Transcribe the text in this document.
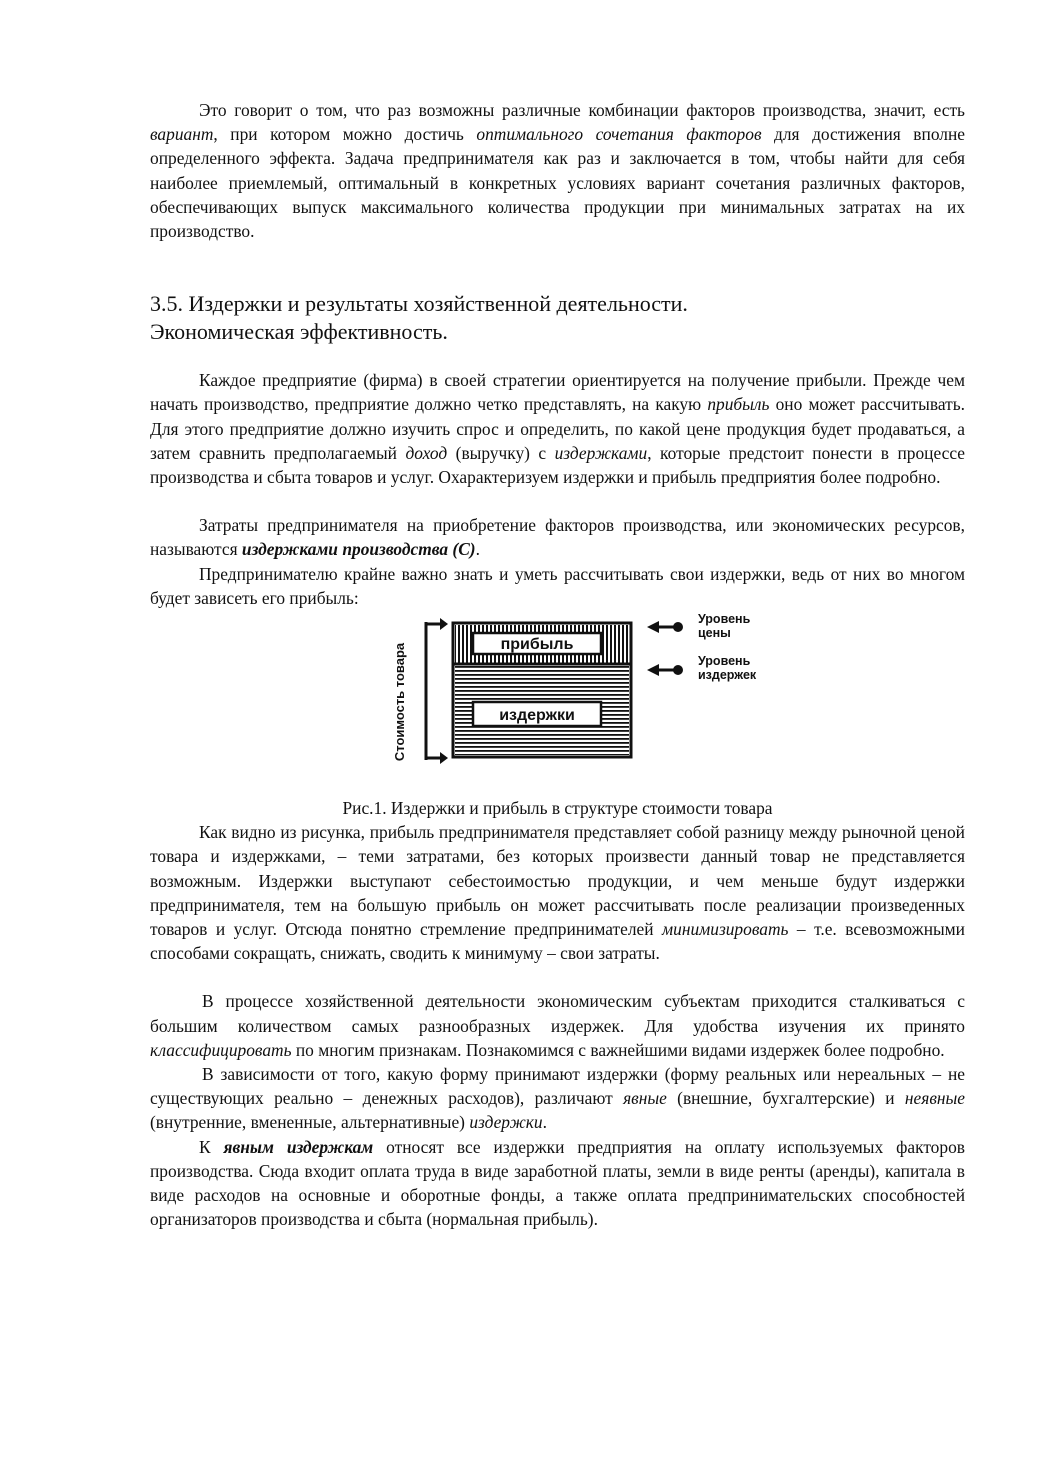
Это говорит о том, что раз возможны различные комбинации факторов производства, значит, есть вариант, при котором можно достичь оптимального сочетания факторов для достижения вполне определенного эффекта. Задача предпринимателя как раз и заключается в том, чтобы найти для себя наиболее приемлемый, оптимальный в конкретных условиях вариант сочетания различных факторов, обеспечивающих выпуск максимального количества продукции при минимальных затратах на их производство.

3.5. Издержки и результаты хозяйственной деятельности.
Экономическая эффективность.

Каждое предприятие (фирма) в своей стратегии ориентируется на получение прибыли. Прежде чем начать производство, предприятие должно четко представлять, на какую прибыль оно может рассчитывать. Для этого предприятие должно изучить спрос и определить, по какой цене продукция будет продаваться, а затем сравнить предполагаемый доход (выручку) с издержками, которые предстоит понести в процессе производства и сбыта товаров и услуг. Охарактеризуем издержки и прибыль предприятия более подробно.

Затраты предпринимателя на приобретение факторов производства, или экономических ресурсов, называются издержками производства (С).

Предпринимателю крайне важно знать и уметь рассчитывать свои издержки, ведь от них во многом будет зависеть его прибыль:

Стоимость товара	прибыль
издержки
Уровень
цены
Уровень
издержек

Рис.1. Издержки и прибыль в структуре стоимости товара

Как видно из рисунка, прибыль предпринимателя представляет собой разницу между рыночной ценой товара и издержками, – теми затратами, без которых произвести данный товар не представляется возможным. Издержки выступают себестоимостью продукции, и чем меньше будут издержки предпринимателя, тем на большую прибыль он может рассчитывать после реализации произведенных товаров и услуг. Отсюда понятно стремление предпринимателей минимизировать – т.е. всевозможными способами сокращать, снижать, сводить к минимуму – свои затраты.

В процессе хозяйственной деятельности экономическим субъектам приходится сталкиваться с большим количеством самых разнообразных издержек. Для удобства изучения их принято классифицировать по многим признакам. Познакомимся с важнейшими видами издержек более подробно.

В зависимости от того, какую форму принимают издержки (форму реальных или нереальных – не существующих реально – денежных расходов), различают явные (внешние, бухгалтерские) и неявные (внутренние, вмененные, альтернативные) издержки.

К явным издержкам относят все издержки предприятия на оплату используемых факторов производства. Сюда входит оплата труда в виде заработной платы, земли в виде ренты (аренды), капитала в виде расходов на основные и оборотные фонды, а также оплата предпринимательских способностей организаторов производства и сбыта (нормальная прибыль).
